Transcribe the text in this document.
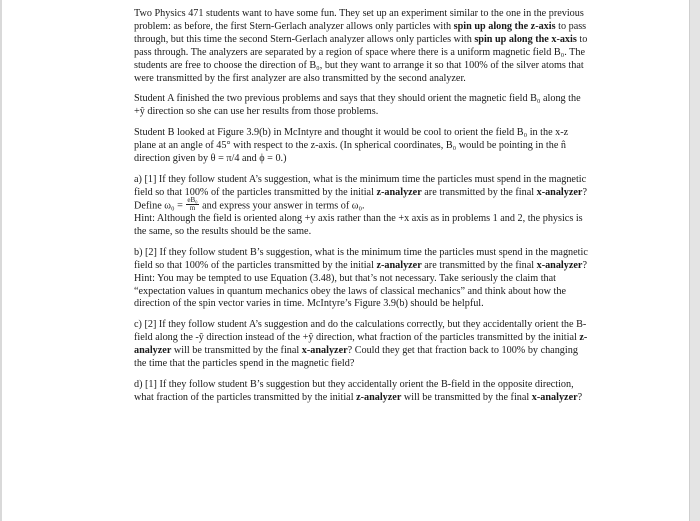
Two Physics 471 students want to have some fun. They set up an experiment similar to the one in the previous problem: as before, the first Stern-Gerlach analyzer allows only particles with spin up along the z-axis to pass through, but this time the second Stern-Gerlach analyzer allows only particles with spin up along the x-axis to pass through. The analyzers are separated by a region of space where there is a uniform magnetic field B₀. The students are free to choose the direction of B₀, but they want to arrange it so that 100% of the silver atoms that were transmitted by the first analyzer are also transmitted by the second analyzer.

Student A finished the two previous problems and says that they should orient the magnetic field B₀ along the +ŷ direction so she can use her results from those problems.

Student B looked at Figure 3.9(b) in McIntyre and thought it would be cool to orient the field B₀ in the x-z plane at an angle of 45° with respect to the z-axis. (In spherical coordinates, B₀ would be pointing in the n̂ direction given by θ = π/4 and ϕ = 0.)

a) [1] If they follow student A’s suggestion, what is the minimum time the particles must spend in the magnetic field so that 100% of the particles transmitted by the initial z-analyzer are transmitted by the final x-analyzer? Define $\omega_0 = \frac{\text{eB₀}}{m}$ and express your answer in terms of ω₀.
Hint: Although the field is oriented along +y axis rather than the +x axis as in problems 1 and 2, the physics is the same, so the results should be the same.

b) [2] If they follow student B’s suggestion, what is the minimum time the particles must spend in the magnetic field so that 100% of the particles transmitted by the initial z-analyzer are transmitted by the final x-analyzer? Hint: You may be tempted to use Equation (3.48), but that’s not necessary. Take seriously the claim that “expectation values in quantum mechanics obey the laws of classical mechanics” and think about how the direction of the spin vector varies in time. McIntyre’s Figure 3.9(b) should be helpful.

c) [2] If they follow student A’s suggestion and do the calculations correctly, but they accidentally orient the B-field along the -ŷ direction instead of the +ŷ direction, what fraction of the particles transmitted by the initial z-analyzer will be transmitted by the final x-analyzer? Could they get that fraction back to 100% by changing the time that the particles spend in the magnetic field?

d) [1] If they follow student B’s suggestion but they accidentally orient the B-field in the opposite direction, what fraction of the particles transmitted by the initial z-analyzer will be transmitted by the final x-analyzer?
